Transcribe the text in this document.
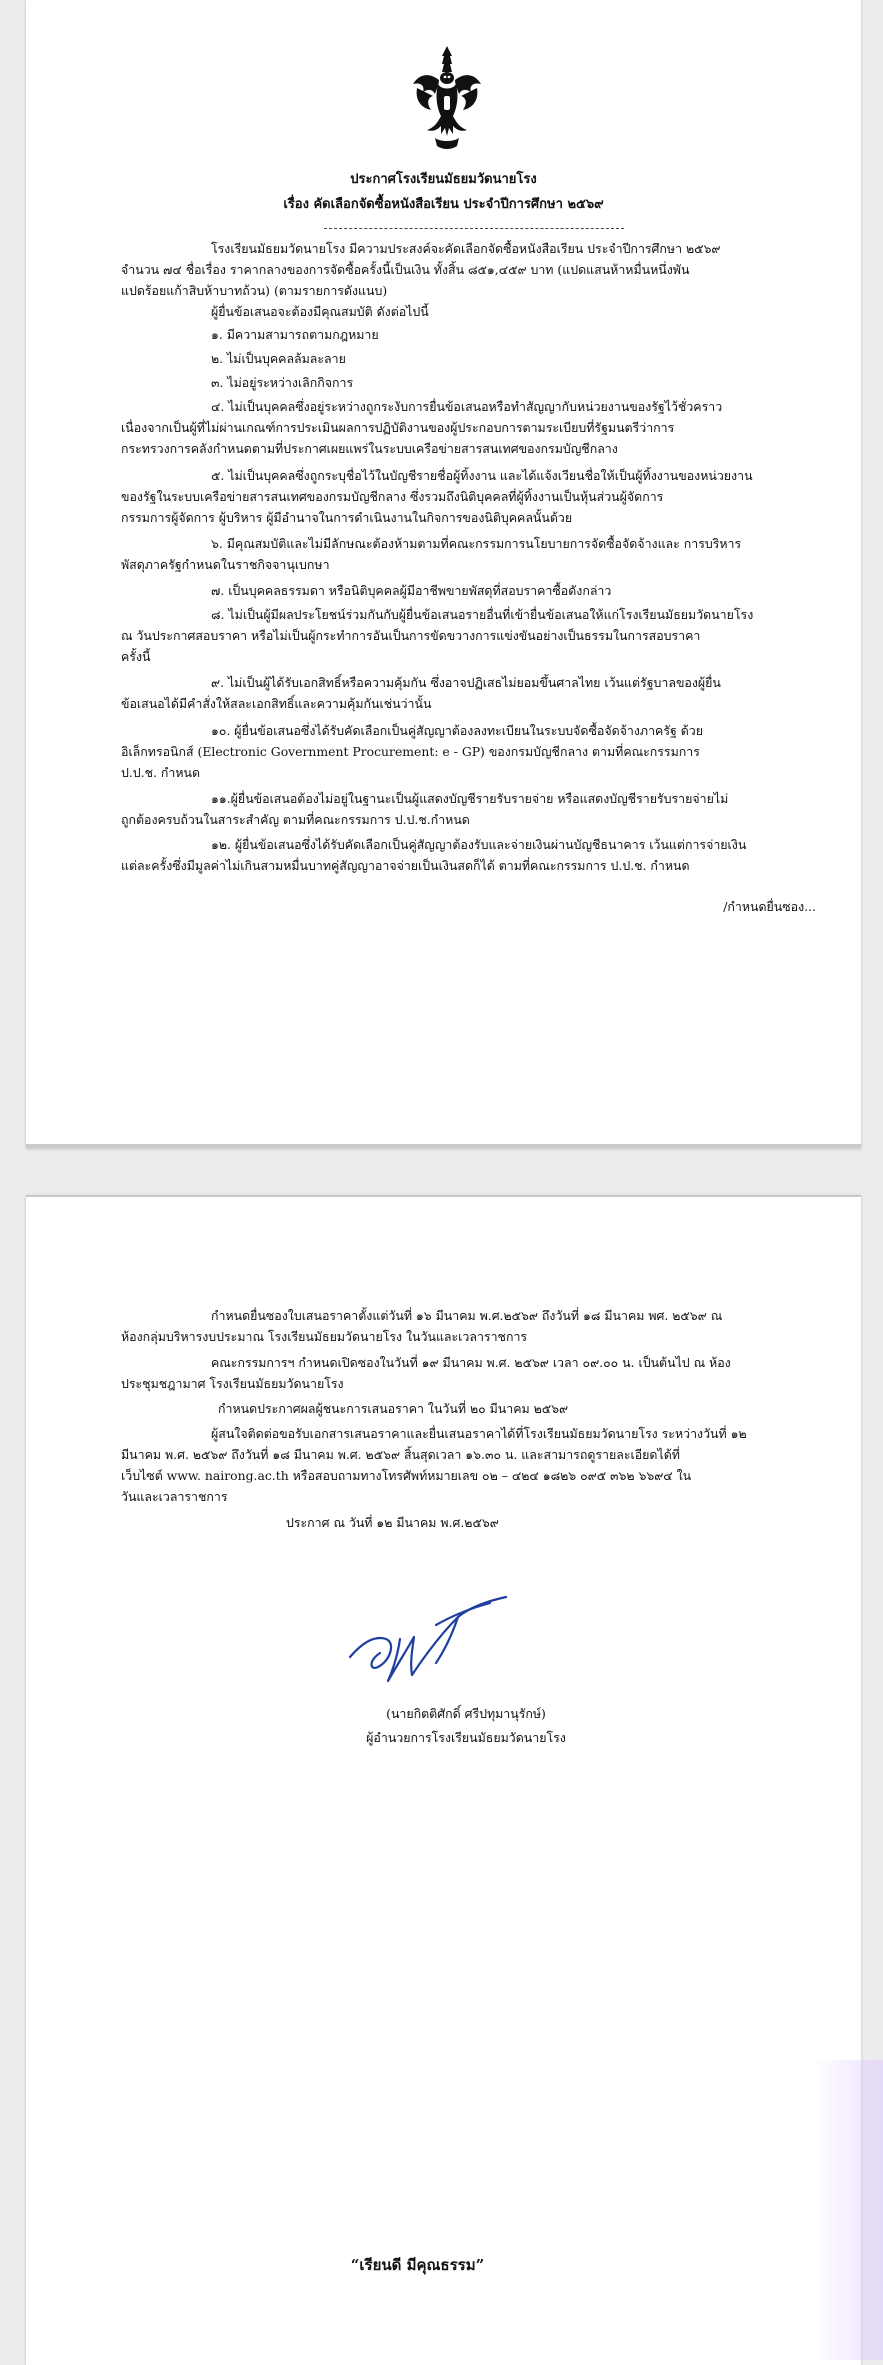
ประกาศโรงเรียนมัธยมวัดนายโรง
เรื่อง คัดเลือกจัดซื้อหนังสือเรียน ประจำปีการศึกษา ๒๕๖๙
โรงเรียนมัธยมวัดนายโรง มีความประสงค์จะคัดเลือกจัดซื้อหนังสือเรียน ประจำปีการศึกษา ๒๕๖๙
จำนวน ๗๔ ชื่อเรื่อง ราคากลางของการจัดซื้อครั้งนี้เป็นเงิน ทั้งสิ้น ๘๕๑,๔๕๙ บาท (แปดแสนห้าหมื่นหนึ่งพัน
แปดร้อยแก้าสิบห้าบาทถ้วน) (ตามรายการดังแนบ)
ผู้ยื่นข้อเสนอจะต้องมีคุณสมบัติ ดังต่อไปนี้
๑. มีความสามารถตามกฎหมาย
๒. ไม่เป็นบุคคลล้มละลาย
๓. ไม่อยู่ระหว่างเลิกกิจการ
๔. ไม่เป็นบุคคลซึ่งอยู่ระหว่างถูกระงับการยื่นข้อเสนอหรือทำสัญญากับหน่วยงานของรัฐไว้ชั่วคราว
เนื่องจากเป็นผู้ที่ไม่ผ่านเกณฑ์การประเมินผลการปฏิบัติงานของผู้ประกอบการตามระเบียบที่รัฐมนตรีว่าการ
กระทรวงการคลังกำหนดตามที่ประกาศเผยแพร่ในระบบเครือข่ายสารสนเทศของกรมบัญชีกลาง
๕. ไม่เป็นบุคคลซึ่งถูกระบุชื่อไว้ในบัญชีรายชื่อผู้ทิ้งงาน และได้แจ้งเวียนชื่อให้เป็นผู้ทิ้งงานของหน่วยงาน
ของรัฐในระบบเครือข่ายสารสนเทศของกรมบัญชีกลาง ซึ่งรวมถึงนิติบุคคลที่ผู้ทิ้งงานเป็นหุ้นส่วนผู้จัดการ
กรรมการผู้จัดการ ผู้บริหาร ผู้มีอำนาจในการดำเนินงานในกิจการของนิติบุคคลนั้นด้วย
๖. มีคุณสมบัติและไม่มีลักษณะต้องห้ามตามที่คณะกรรมการนโยบายการจัดซื้อจัดจ้างและ การบริหาร
พัสดุภาครัฐกำหนดในราชกิจจานุเบกษา
๗. เป็นบุคคลธรรมดา หรือนิติบุคคลผู้มีอาชีพขายพัสดุที่สอบราคาซื้อดังกล่าว
๘. ไม่เป็นผู้มีผลประโยชน์ร่วมกันกับผู้ยื่นข้อเสนอรายอื่นที่เข้ายื่นข้อเสนอให้แก่โรงเรียนมัธยมวัดนายโรง
ณ วันประกาศสอบราคา หรือไม่เป็นผู้กระทำการอันเป็นการขัดขวางการแข่งขันอย่างเป็นธรรมในการสอบราคา
ครั้งนี้
๙. ไม่เป็นผู้ได้รับเอกสิทธิ์หรือความคุ้มกัน ซึ่งอาจปฏิเสธไม่ยอมขึ้นศาลไทย เว้นแต่รัฐบาลของผู้ยื่น
ข้อเสนอได้มีคำสั่งให้สละเอกสิทธิ์และความคุ้มกันเช่นว่านั้น
๑๐. ผู้ยื่นข้อเสนอซึ่งได้รับคัดเลือกเป็นคู่สัญญาต้องลงทะเบียนในระบบจัดซื้อจัดจ้างภาครัฐ ด้วย
อิเล็กทรอนิกส์ (Electronic Government Procurement: e - GP) ของกรมบัญชีกลาง ตามที่คณะกรรมการ
ป.ป.ช. กำหนด
๑๑.ผู้ยื่นข้อเสนอต้องไม่อยู่ในฐานะเป็นผู้แสดงบัญชีรายรับรายจ่าย หรือแสดงบัญชีรายรับรายจ่ายไม่
ถูกต้องครบถ้วนในสาระสำคัญ ตามที่คณะกรรมการ ป.ป.ช.กำหนด
๑๒. ผู้ยื่นข้อเสนอซึ่งได้รับคัดเลือกเป็นคู่สัญญาต้องรับและจ่ายเงินผ่านบัญชีธนาคาร เว้นแต่การจ่ายเงิน
แต่ละครั้งซึ่งมีมูลค่าไม่เกินสามหมื่นบาทคู่สัญญาอาจจ่ายเป็นเงินสดก็ได้ ตามที่คณะกรรมการ ป.ป.ช. กำหนด
/กำหนดยื่นซอง...
กำหนดยื่นซองใบเสนอราคาตั้งแต่วันที่ ๑๖ มีนาคม พ.ศ.๒๕๖๙ ถึงวันที่ ๑๘ มีนาคม พศ. ๒๕๖๙ ณ
ห้องกลุ่มบริหารงบประมาณ โรงเรียนมัธยมวัดนายโรง ในวันและเวลาราชการ
คณะกรรมการฯ กำหนดเปิดซองในวันที่ ๑๙ มีนาคม พ.ศ. ๒๕๖๙ เวลา ๐๙.๐๐ น. เป็นต้นไป ณ ห้อง
ประชุมชฎามาศ โรงเรียนมัธยมวัดนายโรง
กำหนดประกาศผลผู้ชนะการเสนอราคา ในวันที่ ๒๐ มีนาคม ๒๕๖๙
ผู้สนใจติดต่อขอรับเอกสารเสนอราคาและยื่นเสนอราคาได้ที่โรงเรียนมัธยมวัดนายโรง ระหว่างวันที่ ๑๒
มีนาคม พ.ศ. ๒๕๖๙ ถึงวันที่ ๑๘ มีนาคม พ.ศ. ๒๕๖๙ สิ้นสุดเวลา ๑๖.๓๐ น. และสามารถดูรายละเอียดได้ที่
เว็บไซต์ www. nairong.ac.th หรือสอบถามทางโทรศัพท์หมายเลข ๐๒ – ๔๒๔ ๑๘๒๖ ๐๙๕ ๓๖๒ ๖๖๙๔ ใน
วันและเวลาราชการ
ประกาศ ณ วันที่ ๑๒ มีนาคม พ.ศ.๒๕๖๙
(นายกิตติศักดิ์ ศรีปทุมานุรักษ์)
ผู้อำนวยการโรงเรียนมัธยมวัดนายโรง
“เรียนดี มีคุณธรรม”
